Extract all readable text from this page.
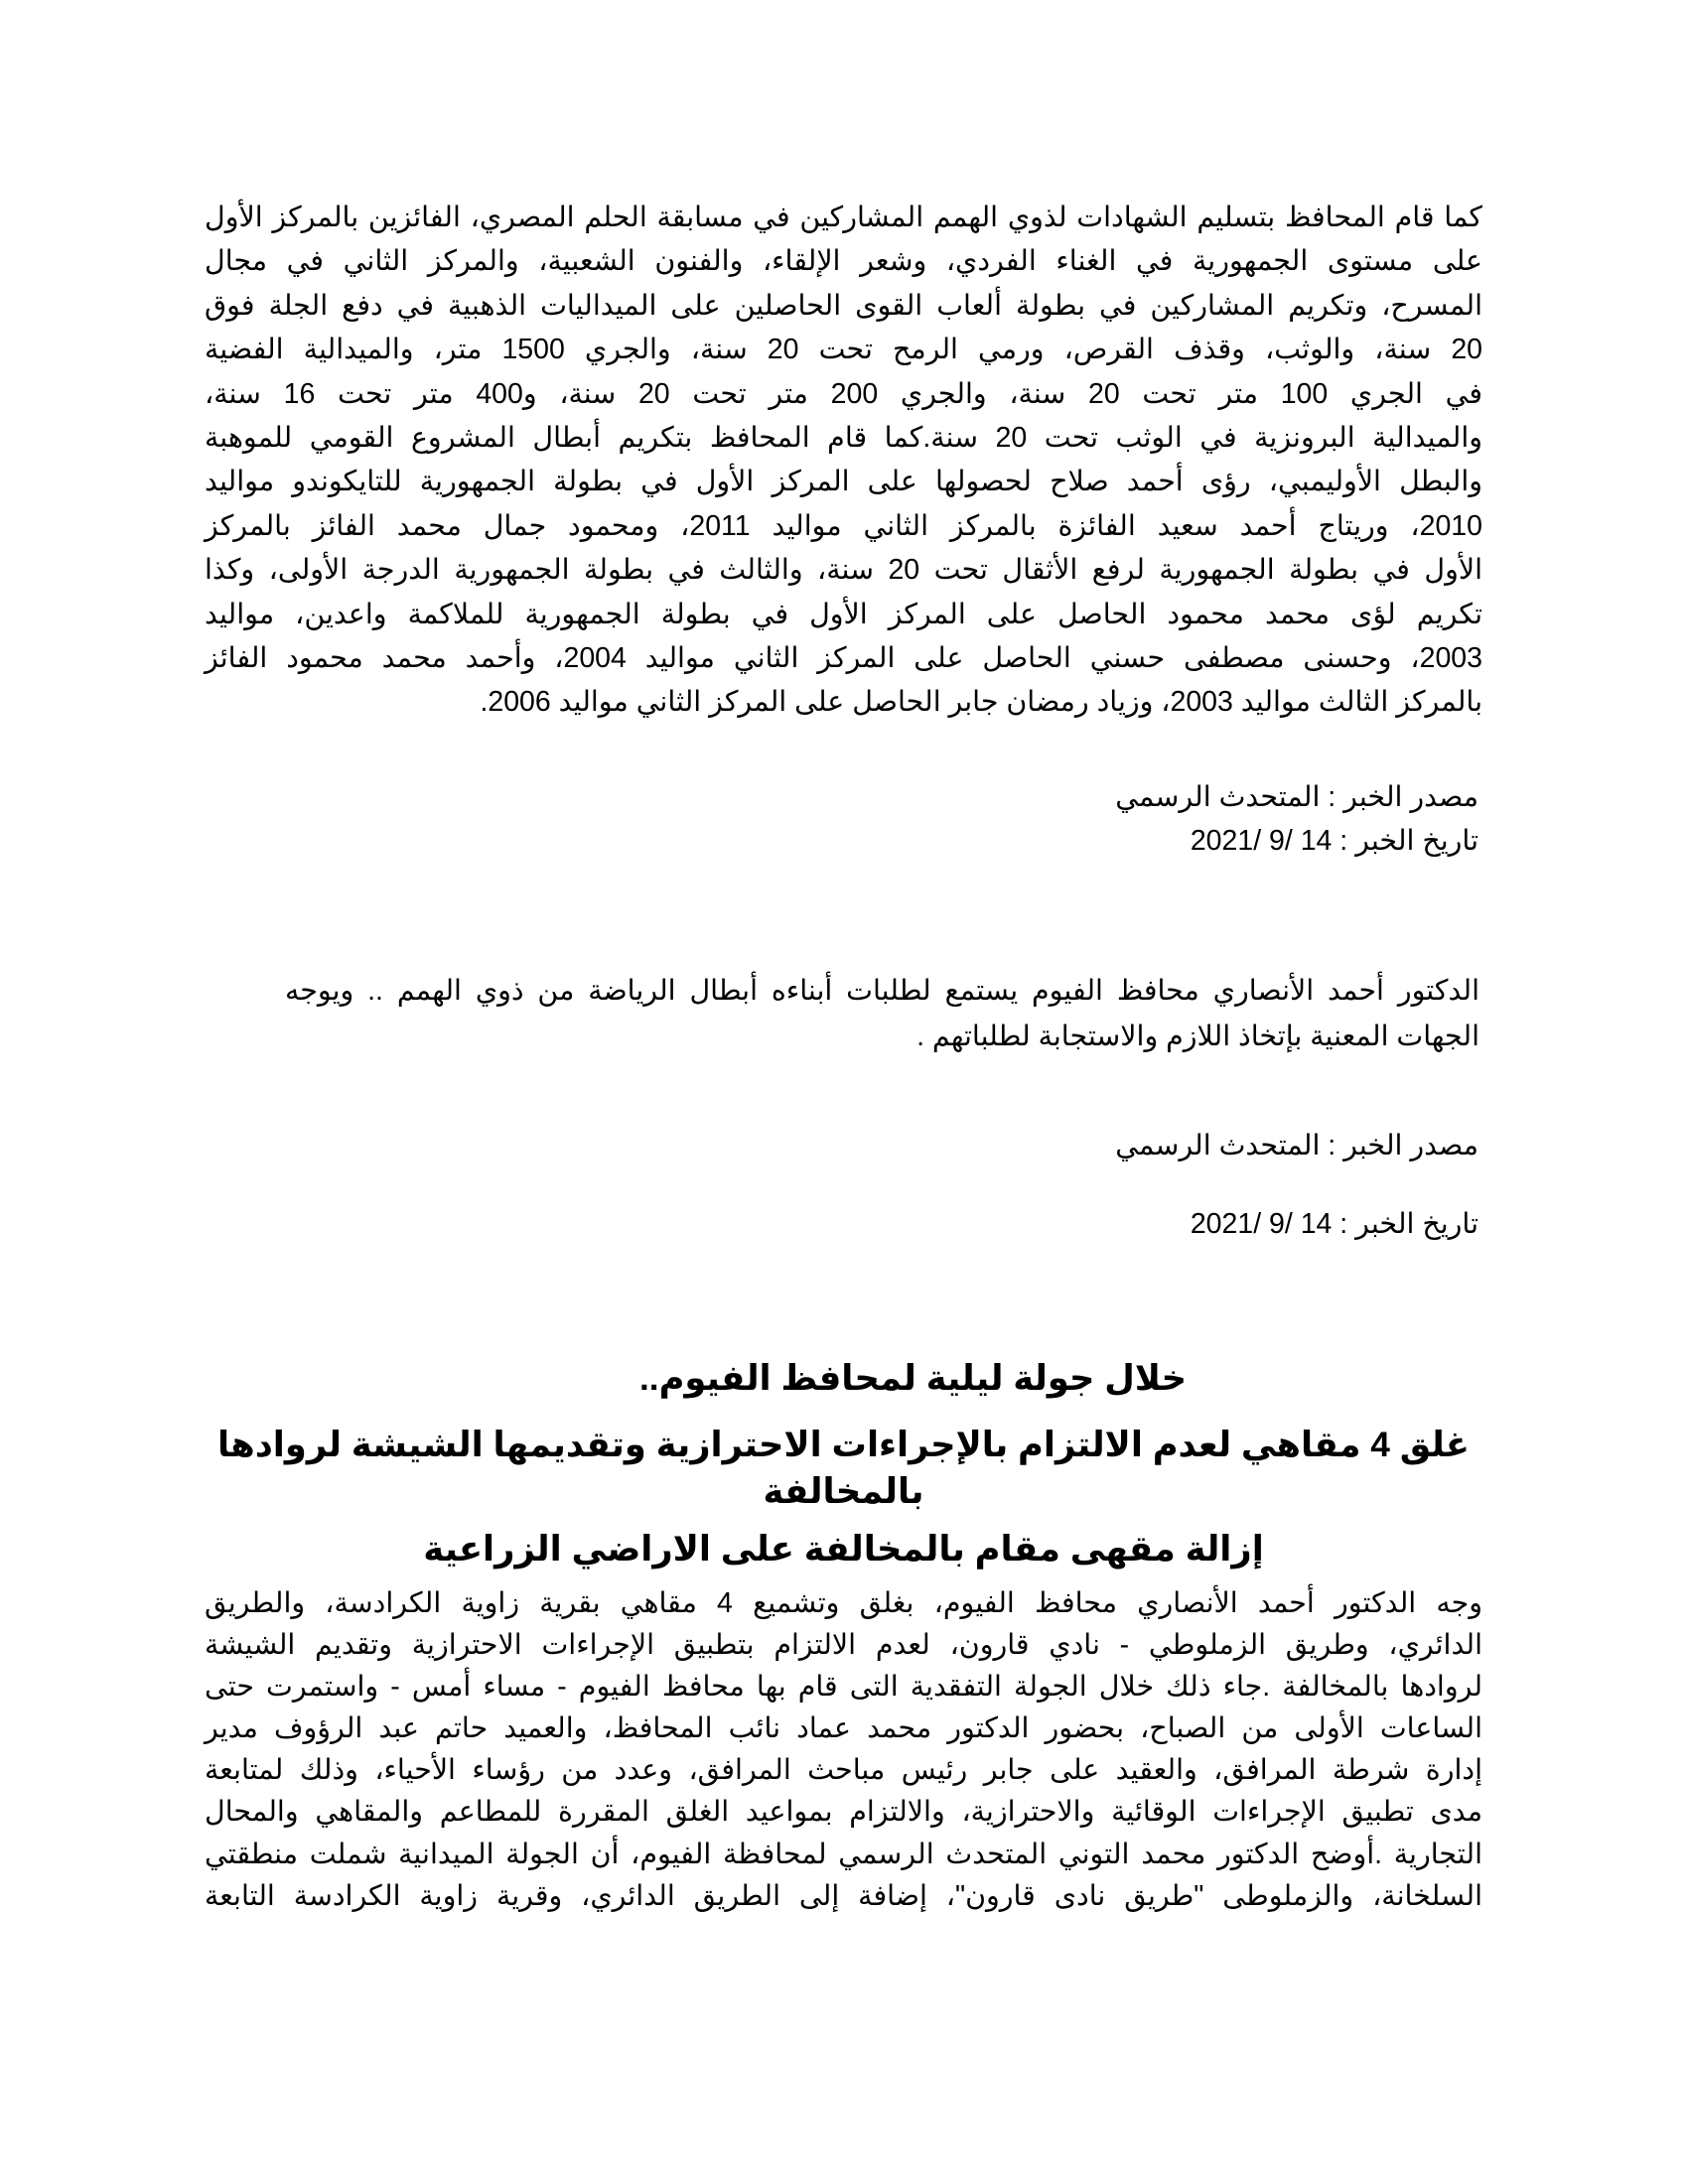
كما قام المحافظ بتسليم الشهادات لذوي الهمم المشاركين في مسابقة الحلم المصري، الفائزين بالمركز الأول
على مستوى الجمهورية في الغناء الفردي، وشعر الإلقاء، والفنون الشعبية، والمركز الثاني في مجال
المسرح، وتكريم المشاركين في بطولة ألعاب القوى الحاصلين على الميداليات الذهبية في دفع الجلة فوق
20 سنة، والوثب، وقذف القرص، ورمي الرمح تحت 20 سنة، والجري 1500 متر، والميدالية الفضية
في الجري 100 متر تحت 20 سنة، والجري 200 متر تحت 20 سنة، و400 متر تحت 16 سنة،
والميدالية البرونزية في الوثب تحت 20 سنة.كما قام المحافظ بتكريم أبطال المشروع القومي للموهبة
والبطل الأوليمبي، رؤى أحمد صلاح لحصولها على المركز الأول في بطولة الجمهورية للتايكوندو مواليد
2010، وريتاج أحمد سعيد الفائزة بالمركز الثاني مواليد 2011، ومحمود جمال محمد الفائز بالمركز
الأول في بطولة الجمهورية لرفع الأثقال تحت 20 سنة، والثالث في بطولة الجمهورية الدرجة الأولى، وكذا
تكريم لؤى محمد محمود الحاصل على المركز الأول في بطولة الجمهورية للملاكمة واعدين، مواليد
2003، وحسنى مصطفى حسني الحاصل على المركز الثاني مواليد 2004، وأحمد محمد محمود الفائز
بالمركز الثالث مواليد 2003، وزياد رمضان جابر الحاصل على المركز الثاني مواليد 2006.
مصدر الخبر : المتحدث الرسمي
تاريخ الخبر : 14 /9 /2021
الدكتور أحمد الأنصاري محافظ الفيوم يستمع لطلبات أبناءه أبطال الرياضة من ذوي الهمم .. ويوجه
الجهات المعنية بإتخاذ اللازم والاستجابة لطلباتهم .
مصدر الخبر : المتحدث الرسمي
تاريخ الخبر : 14 /9 /2021
خلال جولة ليلية لمحافظ الفيوم..
غلق 4 مقاهي لعدم الالتزام بالإجراءات الاحترازية وتقديمها الشيشة لروادها
بالمخالفة
إزالة مقهى مقام بالمخالفة على الاراضي الزراعية
وجه الدكتور أحمد الأنصاري محافظ الفيوم، بغلق وتشميع 4 مقاهي بقرية زاوية الكرادسة، والطريق
الدائري، وطريق الزملوطي - نادي قارون، لعدم الالتزام بتطبيق الإجراءات الاحترازية وتقديم الشيشة
لروادها بالمخالفة .جاء ذلك خلال الجولة التفقدية التى قام بها محافظ الفيوم - مساء أمس - واستمرت حتى
الساعات الأولى من الصباح، بحضور الدكتور محمد عماد نائب المحافظ، والعميد حاتم عبد الرؤوف مدير
إدارة شرطة المرافق، والعقيد على جابر رئيس مباحث المرافق، وعدد من رؤساء الأحياء، وذلك لمتابعة
مدى تطبيق الإجراءات الوقائية والاحترازية، والالتزام بمواعيد الغلق المقررة للمطاعم والمقاهي والمحال
التجارية .أوضح الدكتور محمد التوني المتحدث الرسمي لمحافظة الفيوم، أن الجولة الميدانية شملت منطقتي
السلخانة، والزملوطى "طريق نادى قارون"، إضافة إلى الطريق الدائري، وقرية زاوية الكرادسة التابعة
